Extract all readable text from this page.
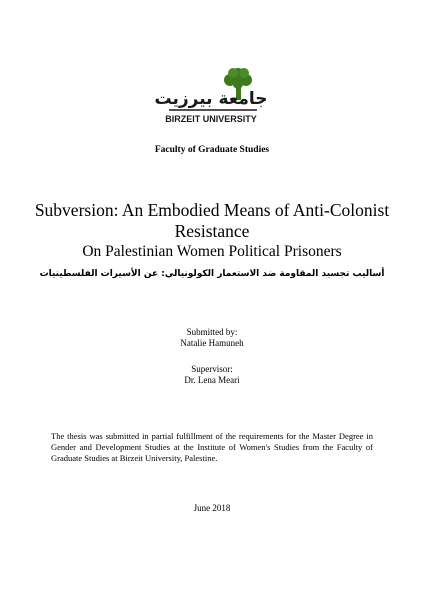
جامعة بيرزيت
BIRZEIT UNIVERSITY
Faculty of Graduate Studies
Subversion: An Embodied Means of Anti-Colonist
Resistance
On Palestinian Women Political Prisoners
أساليب تجسيد المقاومة ضد الاستعمار الكولونيالي: عن الأسيرات الفلسطينيات
Submitted by:
Natalie Hamuneh
Supervisor:
Dr. Lena Meari
The thesis was submitted in partial fulfillment of the requirements for the Master Degree in Gender and Development Studies at the Institute of Women's Studies from the Faculty of Graduate Studies at Birzeit University, Palestine.
June 2018
